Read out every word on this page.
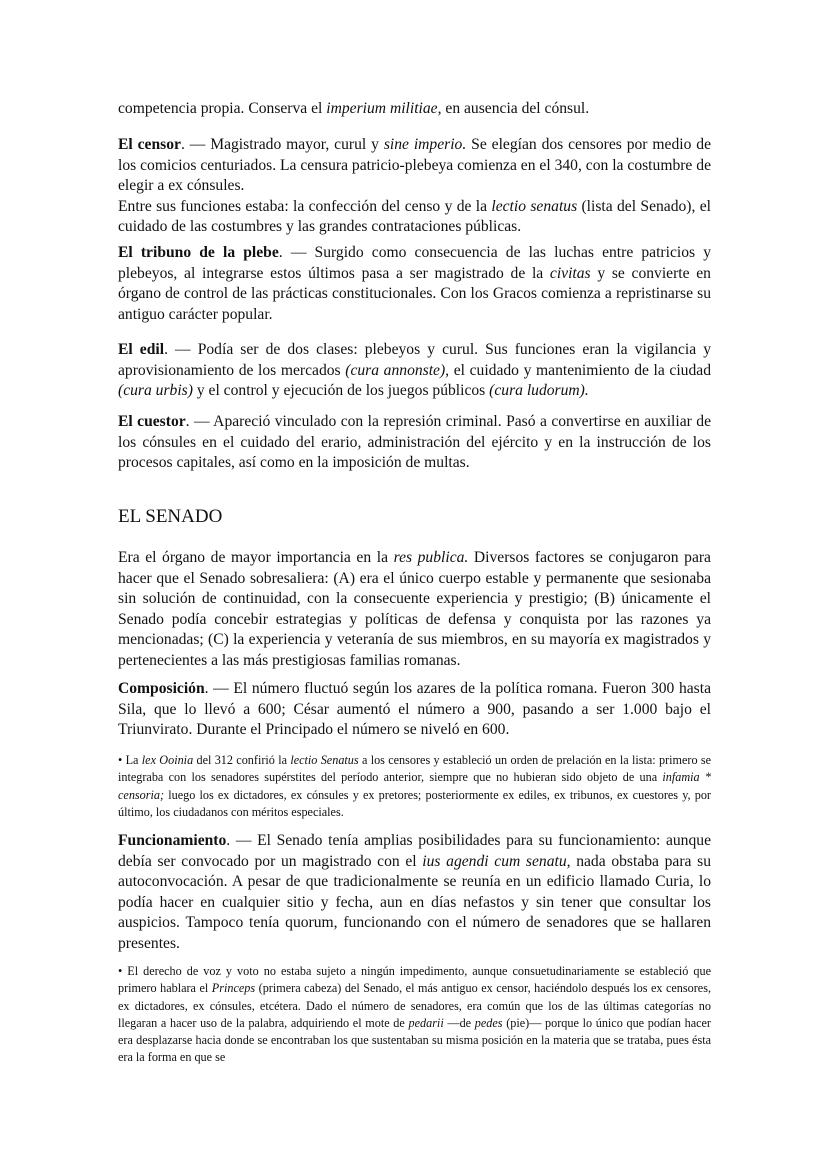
competencia propia. Conserva el imperium militiae, en ausencia del cónsul.

El censor. — Magistrado mayor, curul y sine imperio. Se elegían dos censores por medio de los comicios centuriados. La censura patricio-plebeya comienza en el 340, con la costumbre de elegir a ex cónsules.
Entre sus funciones estaba: la confección del censo y de la lectio senatus (lista del Senado), el cuidado de las costumbres y las grandes contrataciones públicas.

El tribuno de la plebe. — Surgido como consecuencia de las luchas entre patricios y plebeyos, al integrarse estos últimos pasa a ser magistrado de la civitas y se convierte en órgano de control de las prácticas constitucionales. Con los Gracos comienza a repristinarse su antiguo carácter popular.

El edil. — Podía ser de dos clases: plebeyos y curul. Sus funciones eran la vigilancia y aprovisionamiento de los mercados (cura annonste), el cuidado y mantenimiento de la ciudad (cura urbis) y el control y ejecución de los juegos públicos (cura ludorum).

El cuestor. — Apareció vinculado con la represión criminal. Pasó a convertirse en auxiliar de los cónsules en el cuidado del erario, administración del ejército y en la instrucción de los procesos capitales, así como en la imposición de multas.

EL SENADO

Era el órgano de mayor importancia en la res publica. Diversos factores se conjugaron para hacer que el Senado sobresaliera: (A) era el único cuerpo estable y permanente que sesionaba sin solución de continuidad, con la consecuente experiencia y prestigio; (B) únicamente el Senado podía concebir estrategias y políticas de defensa y conquista por las razones ya mencionadas; (C) la experiencia y veteranía de sus miembros, en su mayoría ex magistrados y pertenecientes a las más prestigiosas familias romanas.

Composición. — El número fluctuó según los azares de la política romana. Fueron 300 hasta Sila, que lo llevó a 600; César aumentó el número a 900, pasando a ser 1.000 bajo el Triunvirato. Durante el Principado el número se niveló en 600.

• La lex Ooinia del 312 confirió la lectio Senatus a los censores y estableció un orden de prelación en la lista: primero se integraba con los senadores supérstites del período anterior, siempre que no hubieran sido objeto de una infamia * censoria; luego los ex dictadores, ex cónsules y ex pretores; posteriormente ex ediles, ex tribunos, ex cuestores y, por último, los ciudadanos con méritos especiales.

Funcionamiento. — El Senado tenía amplias posibilidades para su funcionamiento: aunque debía ser convocado por un magistrado con el ius agendi cum senatu, nada obstaba para su autoconvocación. A pesar de que tradicionalmente se reunía en un edificio llamado Curia, lo podía hacer en cualquier sitio y fecha, aun en días nefastos y sin tener que consultar los auspicios. Tampoco tenía quorum, funcionando con el número de senadores que se hallaren presentes.

• El derecho de voz y voto no estaba sujeto a ningún impedimento, aunque consuetudinariamente se estableció que primero hablara el Princeps (primera cabeza) del Senado, el más antiguo ex censor, haciéndolo después los ex censores, ex dictadores, ex cónsules, etcétera. Dado el número de senadores, era común que los de las últimas categorías no llegaran a hacer uso de la palabra, adquiriendo el mote de pedarii —de pedes (pie)— porque lo único que podían hacer era desplazarse hacia donde se encontraban los que sustentaban su misma posición en la materia que se trataba, pues ésta era la forma en que se
